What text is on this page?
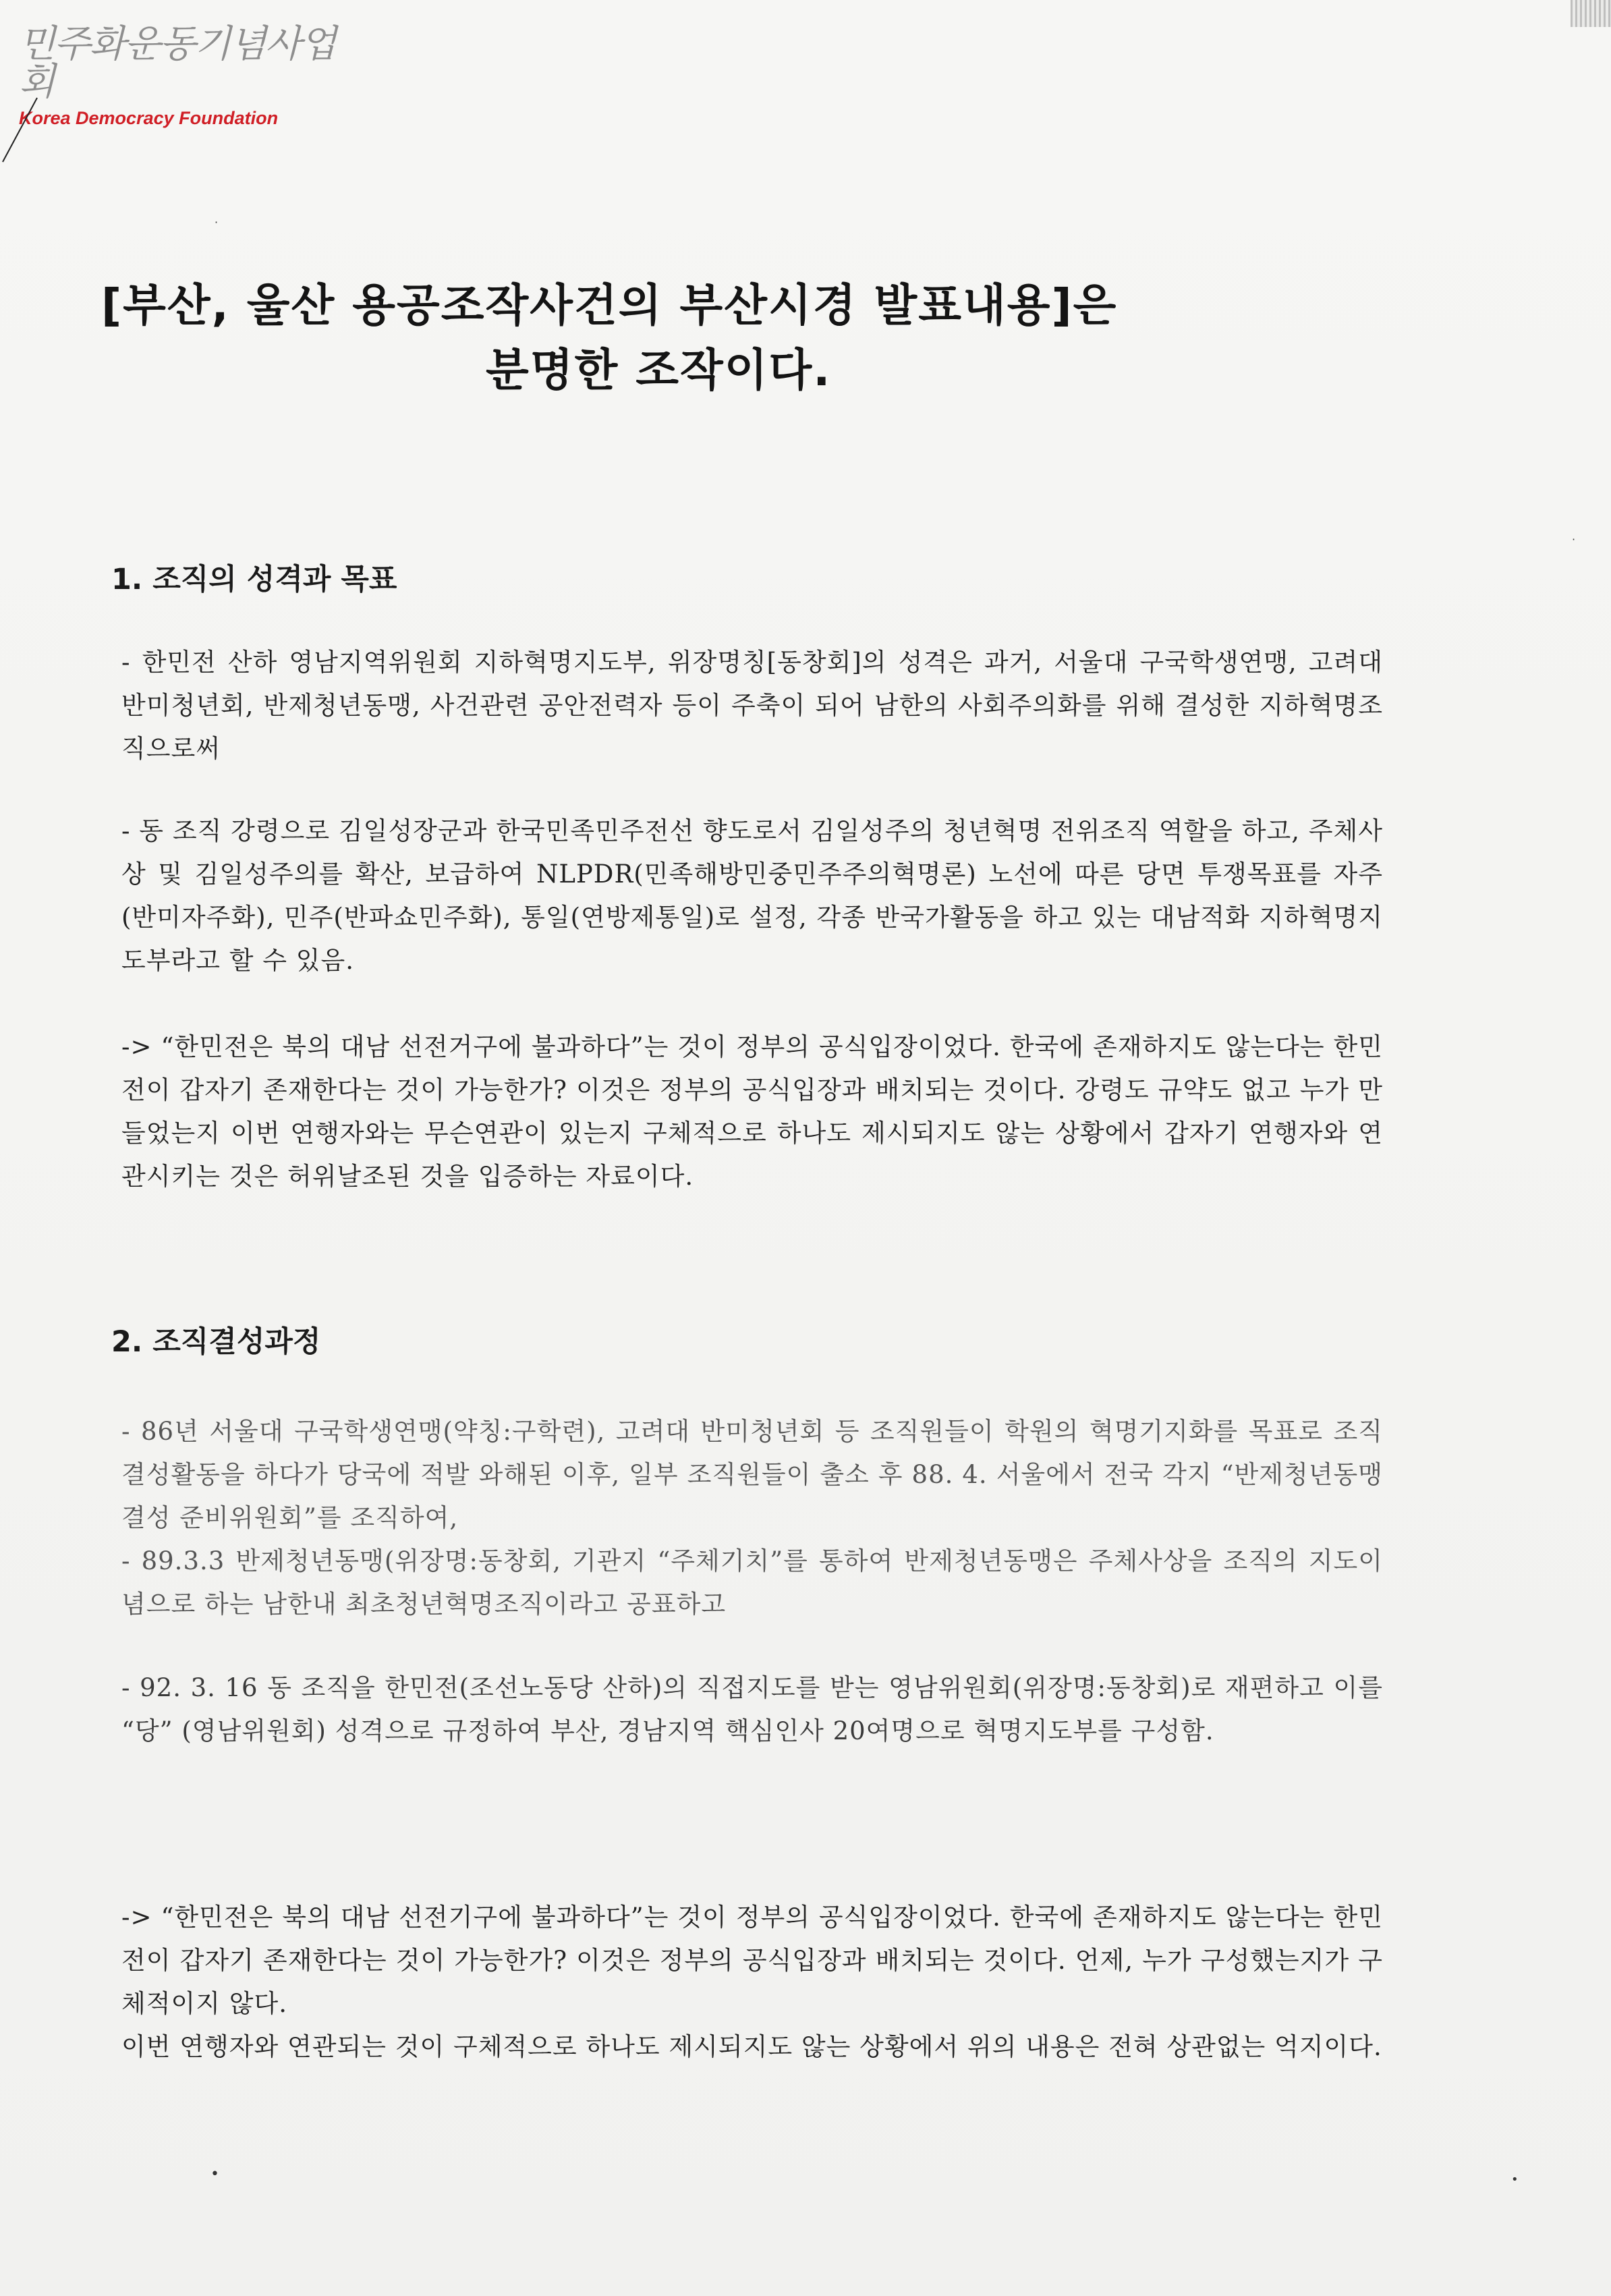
민주화운동기념사업회
Korea Democracy Foundation
[부산, 울산 용공조작사건의 부산시경 발표내용]은
분명한 조작이다.
1. 조직의 성격과 목표
- 한민전 산하 영남지역위원회 지하혁명지도부, 위장명칭[동창회]의 성격은 과거, 서울대 구국학생연맹, 고려대 반미청년회, 반제청년동맹, 사건관련 공안전력자 등이 주축이 되어 남한의 사회주의화를 위해 결성한 지하혁명조직으로써
- 동 조직 강령으로 김일성장군과 한국민족민주전선 향도로서 김일성주의 청년혁명 전위조직 역할을 하고, 주체사상 및 김일성주의를 확산, 보급하여 NLPDR(민족해방민중민주주의혁명론) 노선에 따른 당면 투쟁목표를 자주(반미자주화), 민주(반파쇼민주화), 통일(연방제통일)로 설정, 각종 반국가활동을 하고 있는 대남적화 지하혁명지도부라고 할 수 있음.
-> “한민전은 북의 대남 선전거구에 불과하다”는 것이 정부의 공식입장이었다. 한국에 존재하지도 않는다는 한민전이 갑자기 존재한다는 것이 가능한가? 이것은 정부의 공식입장과 배치되는 것이다. 강령도 규약도 없고 누가 만들었는지 이번 연행자와는 무슨연관이 있는지 구체적으로 하나도 제시되지도 않는 상황에서 갑자기 연행자와 연관시키는 것은 허위날조된 것을 입증하는 자료이다.
2. 조직결성과정
- 86년 서울대 구국학생연맹(약칭:구학련), 고려대 반미청년회 등 조직원들이 학원의 혁명기지화를 목표로 조직결성활동을 하다가 당국에 적발 와해된 이후, 일부 조직원들이 출소 후 88. 4. 서울에서 전국 각지 “반제청년동맹 결성 준비위원회”를 조직하여,
- 89.3.3 반제청년동맹(위장명:동창회, 기관지 “주체기치”를 통하여 반제청년동맹은 주체사상을 조직의 지도이념으로 하는 남한내 최초청년혁명조직이라고 공표하고
- 92. 3. 16 동 조직을 한민전(조선노동당 산하)의 직접지도를 받는 영남위원회(위장명:동창회)로 재편하고 이를 “당” (영남위원회) 성격으로 규정하여 부산, 경남지역 핵심인사 20여명으로 혁명지도부를 구성함.
-> “한민전은 북의 대남 선전기구에 불과하다”는 것이 정부의 공식입장이었다. 한국에 존재하지도 않는다는 한민전이 갑자기 존재한다는 것이 가능한가? 이것은 정부의 공식입장과 배치되는 것이다. 언제, 누가 구성했는지가 구체적이지 않다.
이번 연행자와 연관되는 것이 구체적으로 하나도 제시되지도 않는 상황에서 위의 내용은 전혀 상관없는 억지이다.
•	•
·
·
